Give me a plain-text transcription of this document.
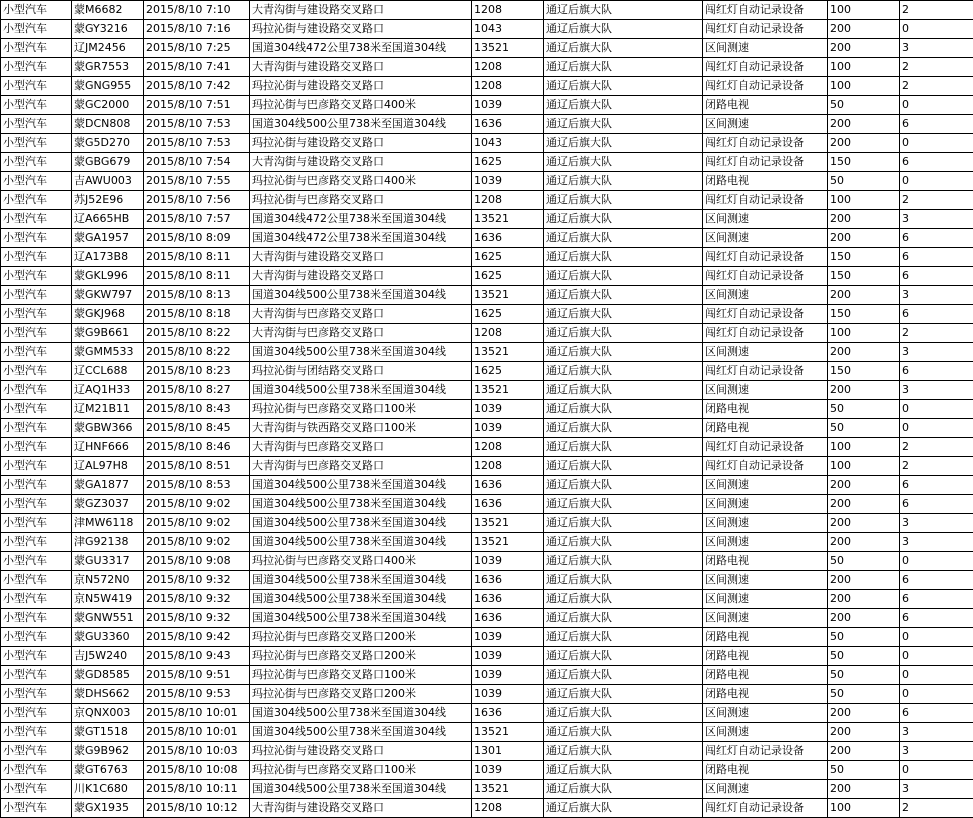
小型汽车	蒙M6682	2015/8/10 7:10	大青沟街与建设路交叉路口	1208	通辽后旗大队	闯红灯自动记录设备	100	2
小型汽车	蒙GY3216	2015/8/10 7:16	玛拉沁街与建设路交叉路口	1043	通辽后旗大队	闯红灯自动记录设备	200	0
小型汽车	辽JM2456	2015/8/10 7:25	国道304线472公里738米至国道304线	13521	通辽后旗大队	区间测速	200	3
小型汽车	蒙GR7553	2015/8/10 7:41	大青沟街与建设路交叉路口	1208	通辽后旗大队	闯红灯自动记录设备	100	2
小型汽车	蒙GNG955	2015/8/10 7:42	玛拉沁街与建设路交叉路口	1208	通辽后旗大队	闯红灯自动记录设备	100	2
小型汽车	蒙GC2000	2015/8/10 7:51	玛拉沁街与巴彦路交叉路口400米	1039	通辽后旗大队	闭路电视	50	0
小型汽车	蒙DCN808	2015/8/10 7:53	国道304线500公里738米至国道304线	1636	通辽后旗大队	区间测速	200	6
小型汽车	蒙G5D270	2015/8/10 7:53	玛拉沁街与建设路交叉路口	1043	通辽后旗大队	闯红灯自动记录设备	200	0
小型汽车	蒙GBG679	2015/8/10 7:54	大青沟街与建设路交叉路口	1625	通辽后旗大队	闯红灯自动记录设备	150	6
小型汽车	吉AWU003	2015/8/10 7:55	玛拉沁街与巴彦路交叉路口400米	1039	通辽后旗大队	闭路电视	50	0
小型汽车	苏J52E96	2015/8/10 7:56	玛拉沁街与巴彦路交叉路口	1208	通辽后旗大队	闯红灯自动记录设备	100	2
小型汽车	辽A665HB	2015/8/10 7:57	国道304线472公里738米至国道304线	13521	通辽后旗大队	区间测速	200	3
小型汽车	蒙GA1957	2015/8/10 8:09	国道304线472公里738米至国道304线	1636	通辽后旗大队	区间测速	200	6
小型汽车	辽A173B8	2015/8/10 8:11	大青沟街与建设路交叉路口	1625	通辽后旗大队	闯红灯自动记录设备	150	6
小型汽车	蒙GKL996	2015/8/10 8:11	大青沟街与建设路交叉路口	1625	通辽后旗大队	闯红灯自动记录设备	150	6
小型汽车	蒙GKW797	2015/8/10 8:13	国道304线500公里738米至国道304线	13521	通辽后旗大队	区间测速	200	3
小型汽车	蒙GKJ968	2015/8/10 8:18	大青沟街与巴彦路交叉路口	1625	通辽后旗大队	闯红灯自动记录设备	150	6
小型汽车	蒙G9B661	2015/8/10 8:22	大青沟街与巴彦路交叉路口	1208	通辽后旗大队	闯红灯自动记录设备	100	2
小型汽车	蒙GMM533	2015/8/10 8:22	国道304线500公里738米至国道304线	13521	通辽后旗大队	区间测速	200	3
小型汽车	辽CCL688	2015/8/10 8:23	玛拉沁街与团结路交叉路口	1625	通辽后旗大队	闯红灯自动记录设备	150	6
小型汽车	辽AQ1H33	2015/8/10 8:27	国道304线500公里738米至国道304线	13521	通辽后旗大队	区间测速	200	3
小型汽车	辽M21B11	2015/8/10 8:43	玛拉沁街与巴彦路交叉路口100米	1039	通辽后旗大队	闭路电视	50	0
小型汽车	蒙GBW366	2015/8/10 8:45	大青沟街与铁西路交叉路口100米	1039	通辽后旗大队	闭路电视	50	0
小型汽车	辽HNF666	2015/8/10 8:46	大青沟街与巴彦路交叉路口	1208	通辽后旗大队	闯红灯自动记录设备	100	2
小型汽车	辽AL97H8	2015/8/10 8:51	大青沟街与巴彦路交叉路口	1208	通辽后旗大队	闯红灯自动记录设备	100	2
小型汽车	蒙GA1877	2015/8/10 8:53	国道304线500公里738米至国道304线	1636	通辽后旗大队	区间测速	200	6
小型汽车	蒙GZ3037	2015/8/10 9:02	国道304线500公里738米至国道304线	1636	通辽后旗大队	区间测速	200	6
小型汽车	津MW6118	2015/8/10 9:02	国道304线500公里738米至国道304线	13521	通辽后旗大队	区间测速	200	3
小型汽车	津G92138	2015/8/10 9:02	国道304线500公里738米至国道304线	13521	通辽后旗大队	区间测速	200	3
小型汽车	蒙GU3317	2015/8/10 9:08	玛拉沁街与巴彦路交叉路口400米	1039	通辽后旗大队	闭路电视	50	0
小型汽车	京N572N0	2015/8/10 9:32	国道304线500公里738米至国道304线	1636	通辽后旗大队	区间测速	200	6
小型汽车	京N5W419	2015/8/10 9:32	国道304线500公里738米至国道304线	1636	通辽后旗大队	区间测速	200	6
小型汽车	蒙GNW551	2015/8/10 9:32	国道304线500公里738米至国道304线	1636	通辽后旗大队	区间测速	200	6
小型汽车	蒙GU3360	2015/8/10 9:42	玛拉沁街与巴彦路交叉路口200米	1039	通辽后旗大队	闭路电视	50	0
小型汽车	吉J5W240	2015/8/10 9:43	玛拉沁街与巴彦路交叉路口200米	1039	通辽后旗大队	闭路电视	50	0
小型汽车	蒙GD8585	2015/8/10 9:51	玛拉沁街与巴彦路交叉路口100米	1039	通辽后旗大队	闭路电视	50	0
小型汽车	蒙DHS662	2015/8/10 9:53	玛拉沁街与巴彦路交叉路口200米	1039	通辽后旗大队	闭路电视	50	0
小型汽车	京QNX003	2015/8/10 10:01	国道304线500公里738米至国道304线	1636	通辽后旗大队	区间测速	200	6
小型汽车	蒙GT1518	2015/8/10 10:01	国道304线500公里738米至国道304线	13521	通辽后旗大队	区间测速	200	3
小型汽车	蒙G9B962	2015/8/10 10:03	玛拉沁街与建设路交叉路口	1301	通辽后旗大队	闯红灯自动记录设备	200	3
小型汽车	蒙GT6763	2015/8/10 10:08	玛拉沁街与巴彦路交叉路口100米	1039	通辽后旗大队	闭路电视	50	0
小型汽车	川K1C680	2015/8/10 10:11	国道304线500公里738米至国道304线	13521	通辽后旗大队	区间测速	200	3
小型汽车	蒙GX1935	2015/8/10 10:12	大青沟街与建设路交叉路口	1208	通辽后旗大队	闯红灯自动记录设备	100	2
